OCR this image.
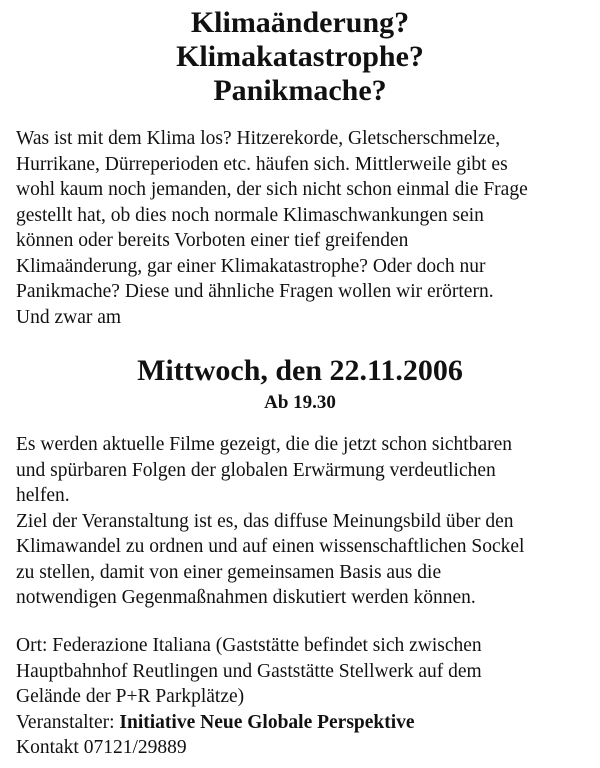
Klimaänderung?
Klimakatastrophe?
Panikmache?

Was ist mit dem Klima los? Hitzerekorde, Gletscherschmelze,
Hurrikane, Dürreperioden etc. häufen sich. Mittlerweile gibt es
wohl kaum noch jemanden, der sich nicht schon einmal die Frage
gestellt hat, ob dies noch normale Klimaschwankungen sein
können oder bereits Vorboten einer tief greifenden
Klimaänderung, gar einer Klimakatastrophe? Oder doch nur
Panikmache? Diese und ähnliche Fragen wollen wir erörtern.
Und zwar am

Mittwoch, den 22.11.2006
Ab 19.30

Es werden aktuelle Filme gezeigt, die die jetzt schon sichtbaren
und spürbaren Folgen der globalen Erwärmung verdeutlichen
helfen.
Ziel der Veranstaltung ist es, das diffuse Meinungsbild über den
Klimawandel zu ordnen und auf einen wissenschaftlichen Sockel
zu stellen, damit von einer gemeinsamen Basis aus die
notwendigen Gegenmaßnahmen diskutiert werden können.

Ort: Federazione Italiana (Gaststätte befindet sich zwischen
Hauptbahnhof Reutlingen und Gaststätte Stellwerk auf dem
Gelände der P+R Parkplätze)
Veranstalter: Initiative Neue Globale Perspektive
Kontakt 07121/29889
